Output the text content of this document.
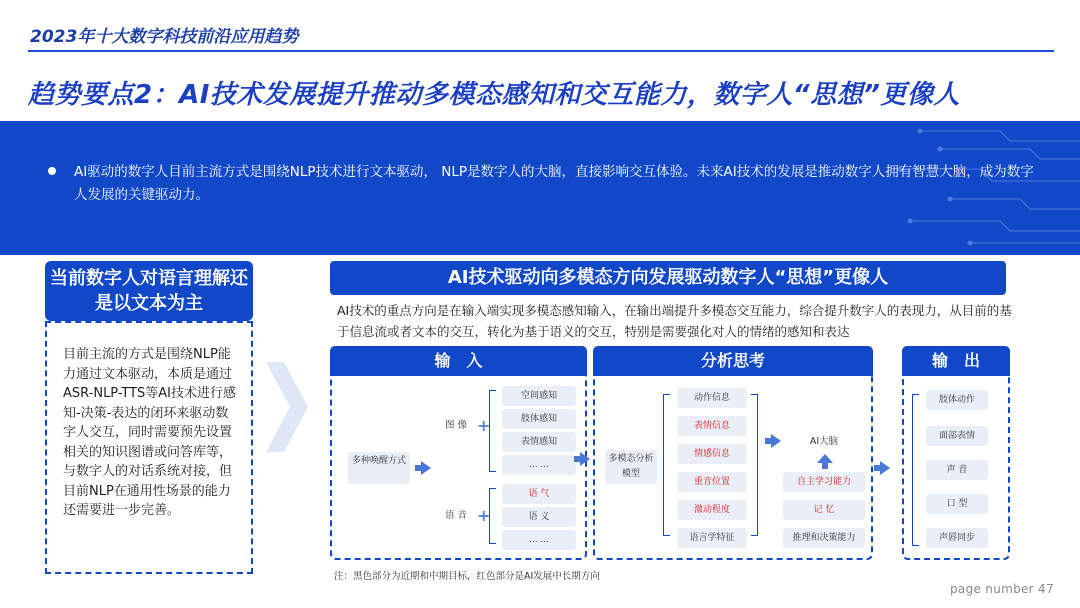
2023年十大数字科技前沿应用趋势
趋势要点2：AI技术发展提升推动多模态感知和交互能力，数字人“思想”更像人
AI驱动的数字人目前主流方式是围绕NLP技术进行文本驱动， NLP是数字人的大脑，直接影响交互体验。未来AI技术的发展是推动数字人拥有智慧大脑，成为数字人发展的关键驱动力。
当前数字人对语言理解还是以文本为主
目前主流的方式是围绕NLP能力通过文本驱动，本质是通过ASR-NLP-TTS等AI技术进行感知-决策-表达的闭环来驱动数字人交互，同时需要预先设置相关的知识图谱或问答库等，与数字人的对话系统对接，但目前NLP在通用性场景的能力还需要进一步完善。
AI技术驱动向多模态方向发展驱动数字人“思想”更像人
AI技术的重点方向是在输入端实现多模态感知输入，在输出端提升多模态交互能力，综合提升数字人的表现力，从目前的基于信息流或者文本的交互，转化为基于语义的交互，特别是需要强化对人的情绪的感知和表达
输　入
多种唤醒方式
图 像
语 音
+
+
空间感知
肢体感知
表情感知
... ...
语 气
语 义
... ...
分析思考
多模态分析模型
动作信息
表情信息
情感信息
重音位置
激动程度
语言学特征
AI大脑
自主学习能力
记 忆
推理和决策能力
输　出
肢体动作
面部表情
声 音
口 型
声唇同步
注：黑色部分为近期和中期目标，红色部分是AI发展中长期方向
page number 47
